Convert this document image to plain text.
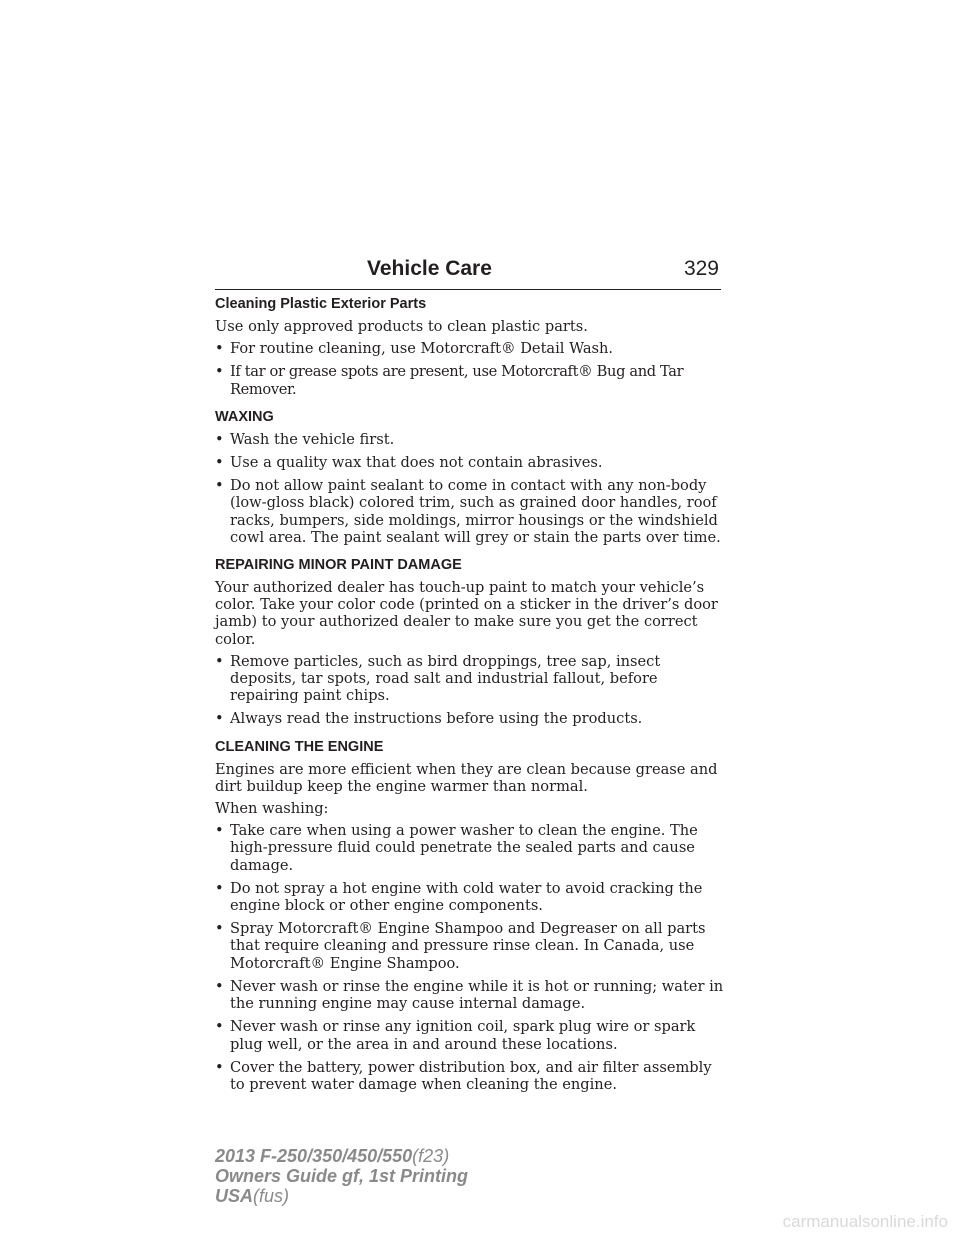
Vehicle Care	329
Cleaning Plastic Exterior Parts

Use only approved products to clean plastic parts.

• For routine cleaning, use Motorcraft® Detail Wash.
• If tar or grease spots are present, use Motorcraft® Bug and Tar Remover.
WAXING
• Wash the vehicle first.
• Use a quality wax that does not contain abrasives.
• Do not allow paint sealant to come in contact with any non-body (low-gloss black) colored trim, such as grained door handles, roof racks, bumpers, side moldings, mirror housings or the windshield cowl area. The paint sealant will grey or stain the parts over time.
REPAIRING MINOR PAINT DAMAGE

Your authorized dealer has touch-up paint to match your vehicle’s color. Take your color code (printed on a sticker in the driver’s door jamb) to your authorized dealer to make sure you get the correct color.

• Remove particles, such as bird droppings, tree sap, insect deposits, tar spots, road salt and industrial fallout, before repairing paint chips.
• Always read the instructions before using the products.
CLEANING THE ENGINE

Engines are more efficient when they are clean because grease and dirt buildup keep the engine warmer than normal.

When washing:

• Take care when using a power washer to clean the engine. The high-pressure fluid could penetrate the sealed parts and cause damage.
• Do not spray a hot engine with cold water to avoid cracking the engine block or other engine components.
• Spray Motorcraft® Engine Shampoo and Degreaser on all parts that require cleaning and pressure rinse clean. In Canada, use Motorcraft® Engine Shampoo.
• Never wash or rinse the engine while it is hot or running; water in the running engine may cause internal damage.
• Never wash or rinse any ignition coil, spark plug wire or spark plug well, or the area in and around these locations.
• Cover the battery, power distribution box, and air filter assembly to prevent water damage when cleaning the engine.
2013 F-250/350/450/550(f23)
Owners Guide gf, 1st Printing
USA(fus)
carmanualsonline.info
